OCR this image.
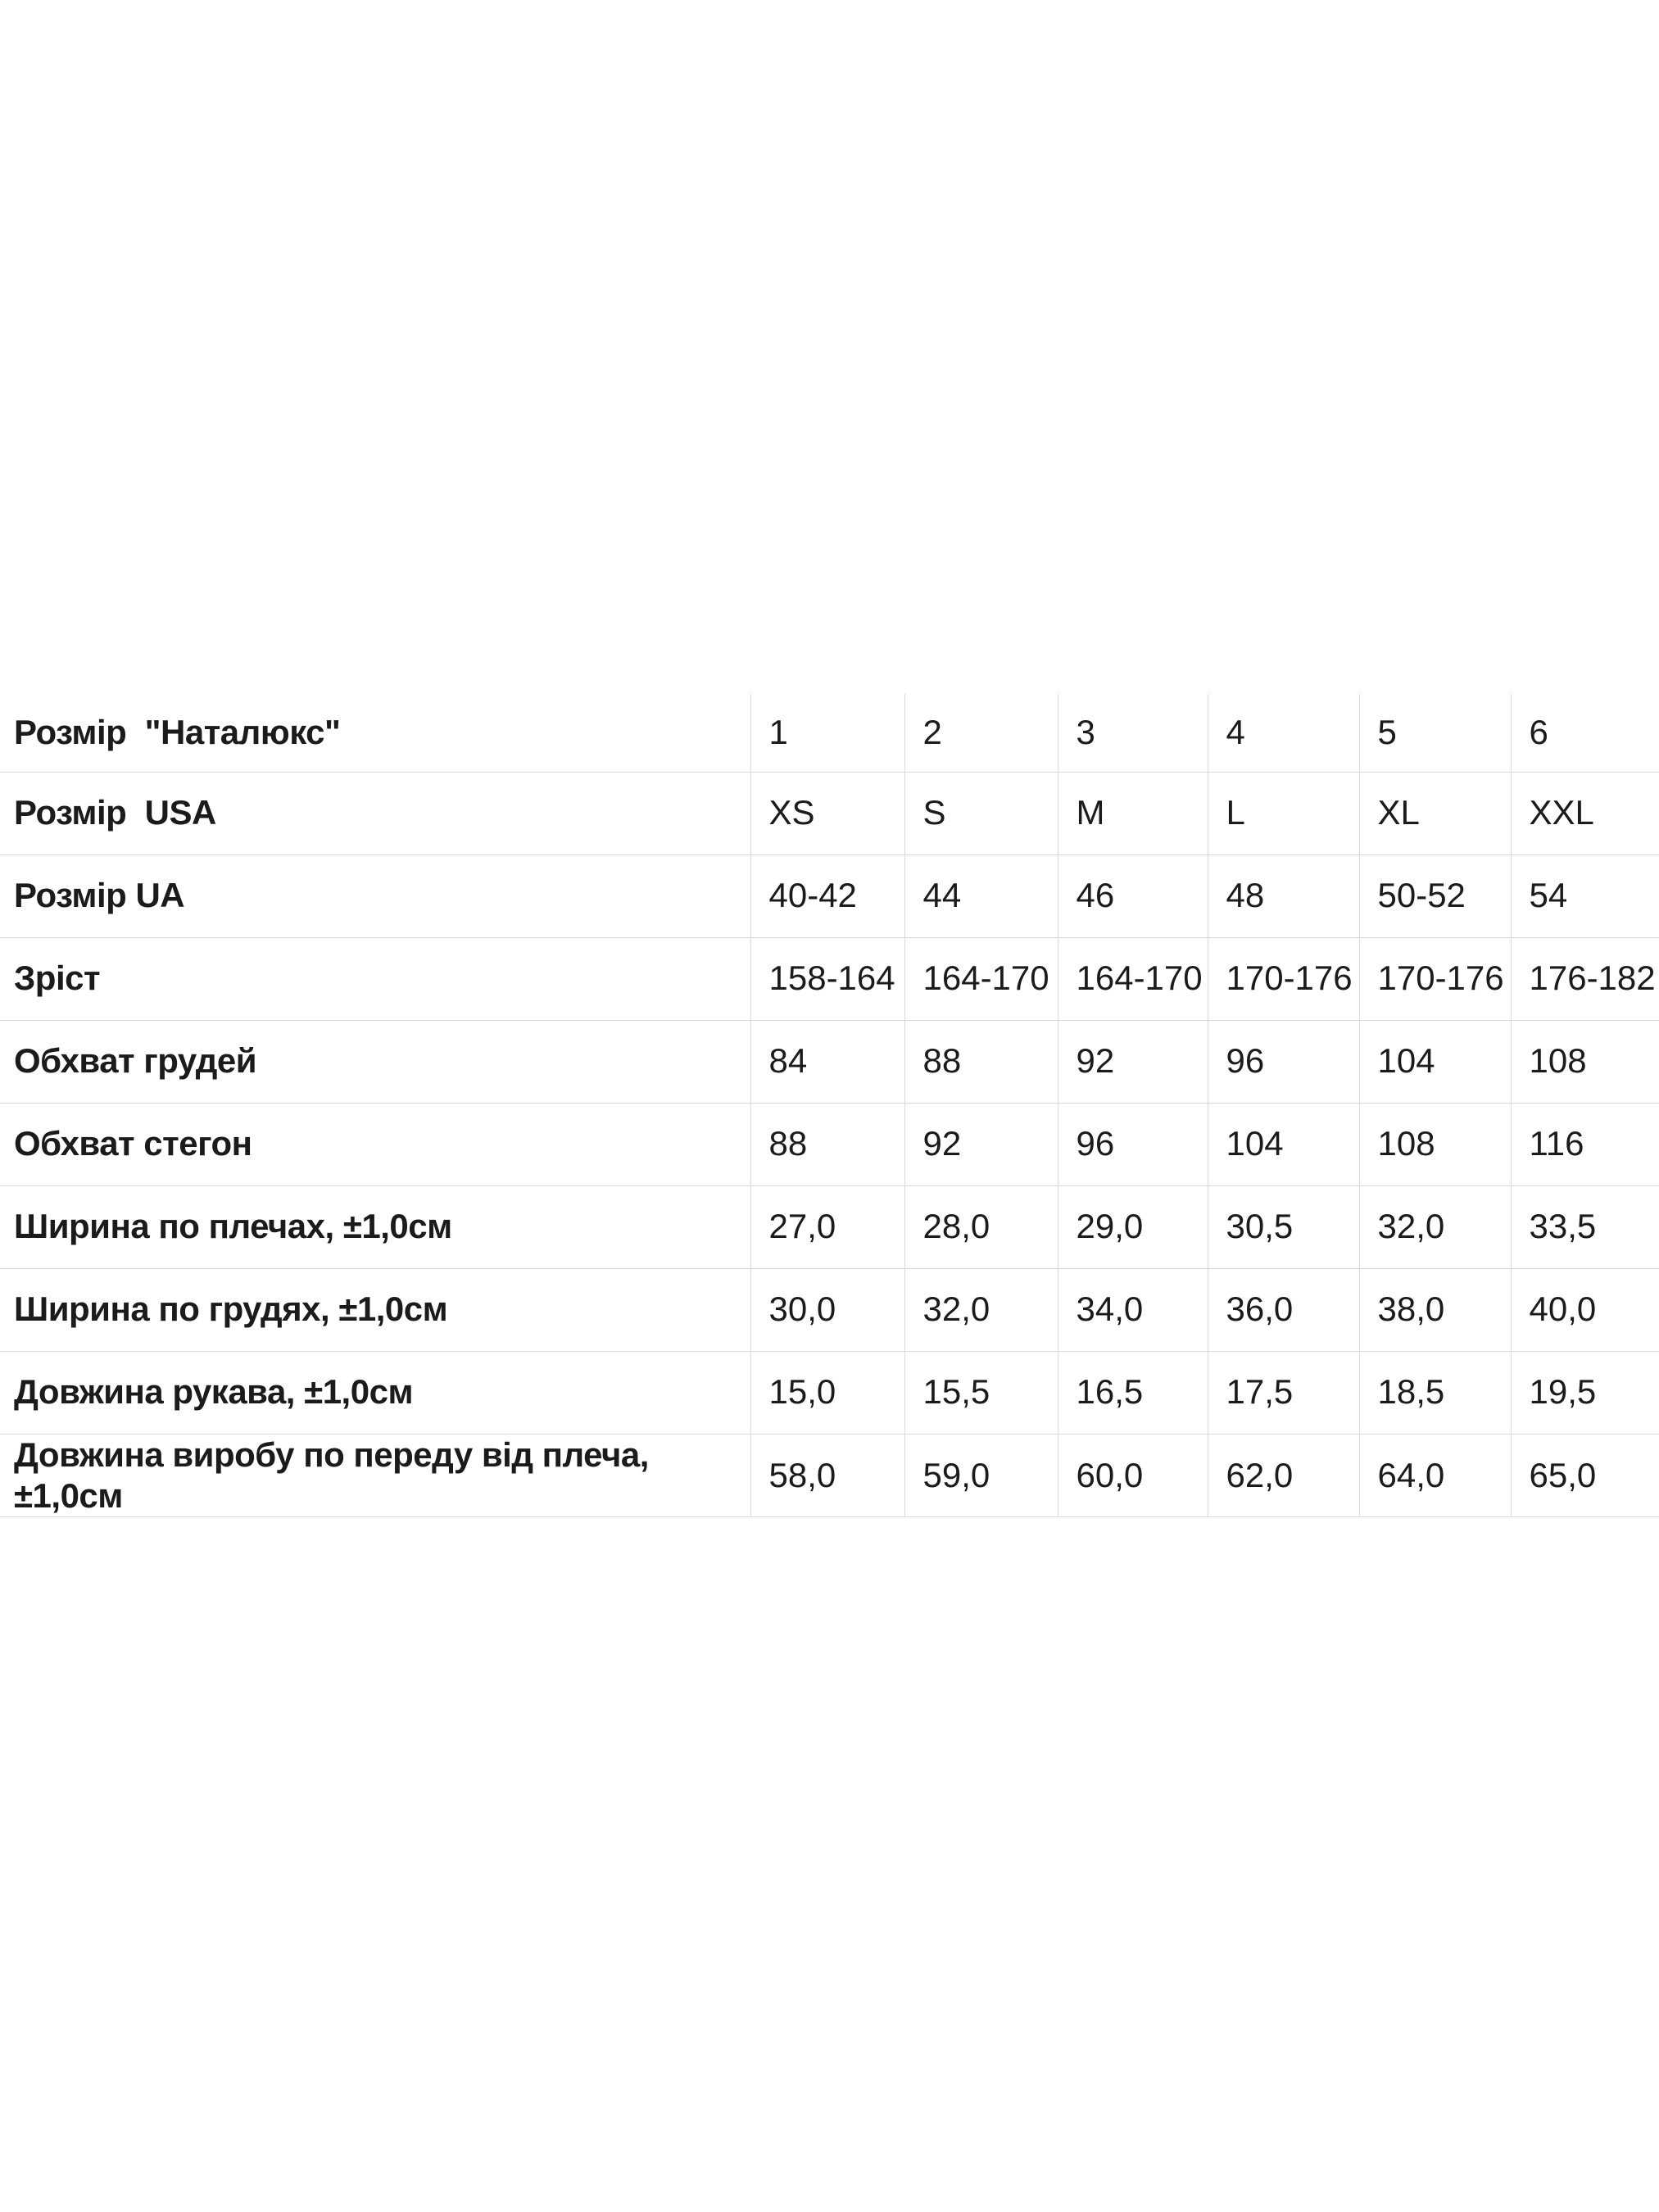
Розмір  "Наталюкс"	1	2	3	4	5	6
Розмір  USA	XS	S	M	L	XL	XXL
Розмір UA	40-42	44	46	48	50-52	54
Зріст	158-164	164-170	164-170	170-176	170-176	176-182
Обхват грудей	84	88	92	96	104	108
Обхват стегон	88	92	96	104	108	116
Ширина по плечах, ±1,0см	27,0	28,0	29,0	30,5	32,0	33,5
Ширина по грудях, ±1,0см	30,0	32,0	34,0	36,0	38,0	40,0
Довжина рукава, ±1,0см	15,0	15,5	16,5	17,5	18,5	19,5
Довжина виробу по переду від плеча, ±1,0см	58,0	59,0	60,0	62,0	64,0	65,0
